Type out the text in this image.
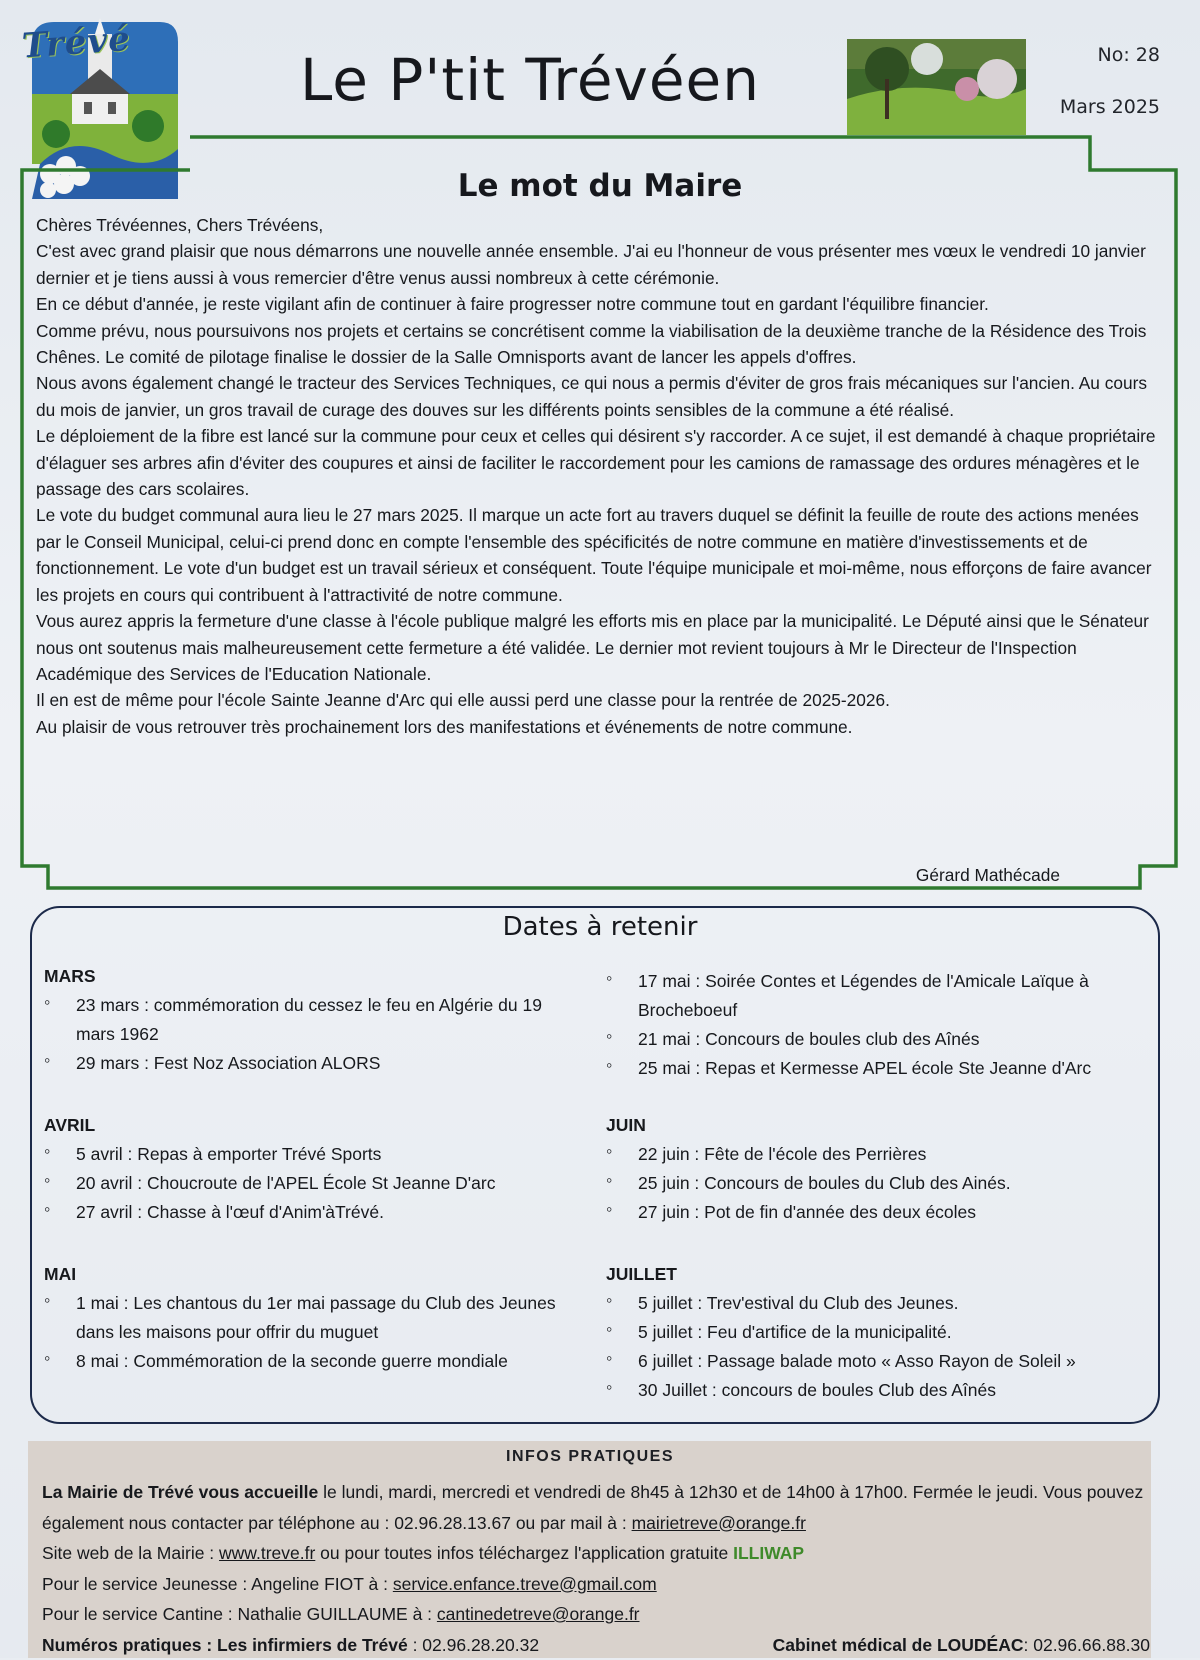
Trévé
Le P'tit Trévéen	No: 28
Mars 2025
Le mot du Maire

Chères Trévéennes, Chers Trévéens,

C'est avec grand plaisir que nous démarrons une nouvelle année ensemble. J'ai eu l'honneur de vous présenter mes vœux le vendredi 10 janvier dernier et je tiens aussi à vous remercier d'être venus aussi nombreux à cette cérémonie.

En ce début d'année, je reste vigilant afin de continuer à faire progresser notre commune tout en gardant l'équilibre financier.

Comme prévu, nous poursuivons nos projets et certains se concrétisent comme la viabilisation de la deuxième tranche de la Résidence des Trois Chênes. Le comité de pilotage finalise le dossier de la Salle Omnisports avant de lancer les appels d'offres.

Nous avons également changé le tracteur des Services Techniques, ce qui nous a permis d'éviter de gros frais mécaniques sur l'ancien. Au cours du mois de janvier, un gros travail de curage des douves sur les différents points sensibles de la commune a été réalisé.

Le déploiement de la fibre est lancé sur la commune pour ceux et celles qui désirent s'y raccorder. A ce sujet, il est demandé à chaque propriétaire d'élaguer ses arbres afin d'éviter des coupures et ainsi de faciliter le raccordement pour les camions de ramassage des ordures ménagères et le passage des cars scolaires.

Le vote du budget communal aura lieu le 27 mars 2025. Il marque un acte fort au travers duquel se définit la feuille de route des actions menées par le Conseil Municipal, celui-ci prend donc en compte l'ensemble des spécificités de notre commune en matière d'investissements et de fonctionnement. Le vote d'un budget est un travail sérieux et conséquent. Toute l'équipe municipale et moi-même, nous efforçons de faire avancer les projets en cours qui contribuent à l'attractivité de notre commune.

Vous aurez appris la fermeture d'une classe à l'école publique malgré les efforts mis en place par la municipalité. Le Député ainsi que le Sénateur nous ont soutenus mais malheureusement cette fermeture a été validée. Le dernier mot revient toujours à Mr le Directeur de l'Inspection Académique des Services de l'Education Nationale.

Il en est de même pour l'école Sainte Jeanne d'Arc qui elle aussi perd une classe pour la rentrée de 2025-2026.

Au plaisir de vous retrouver très prochainement lors des manifestations et événements de notre commune.

Gérard Mathécade
Dates à retenir
MARS
◦ 23 mars : commémoration du cessez le feu en Algérie du 19 mars 1962
◦ 29 mars : Fest Noz Association ALORS
AVRIL
◦ 5 avril : Repas à emporter Trévé Sports
◦ 20 avril : Choucroute de l'APEL École St Jeanne D'arc
◦ 27 avril : Chasse à l'œuf d'Anim'àTrévé.
MAI
◦ 1 mai : Les chantous du 1er mai passage du Club des Jeunes dans les maisons pour offrir du muguet
◦ 8 mai : Commémoration de la seconde guerre mondiale
◦ 17 mai : Soirée Contes et Légendes de l'Amicale Laïque à Brocheboeuf
◦ 21 mai : Concours de boules club des Aînés
◦ 25 mai : Repas et Kermesse APEL école Ste Jeanne d'Arc
JUIN
◦ 22 juin : Fête de l'école des Perrières
◦ 25 juin : Concours de boules du Club des Ainés.
◦ 27 juin : Pot de fin d'année des deux écoles
JUILLET
◦ 5 juillet : Trev'estival du Club des Jeunes.
◦ 5 juillet : Feu d'artifice de la municipalité.
◦ 6 juillet : Passage balade moto « Asso Rayon de Soleil »
◦ 30 Juillet : concours de boules Club des Aînés
INFOS PRATIQUES

La Mairie de Trévé vous accueille le lundi, mardi, mercredi et vendredi de 8h45 à 12h30 et de 14h00 à 17h00. Fermée le jeudi. Vous pouvez également nous contacter par téléphone au : 02.96.28.13.67 ou par mail à : mairietreve@orange.fr

Site web de la Mairie : www.treve.fr ou pour toutes infos téléchargez l'application gratuite ILLIWAP

Pour le service Jeunesse : Angeline FIOT à : service.enfance.treve@gmail.com

Pour le service Cantine : Nathalie GUILLAUME à : cantinedetreve@orange.fr

Numéros pratiques : Les infirmiers de Trévé : 02.96.28.20.32	Cabinet médical de LOUDÉAC: 02.96.66.88.30
